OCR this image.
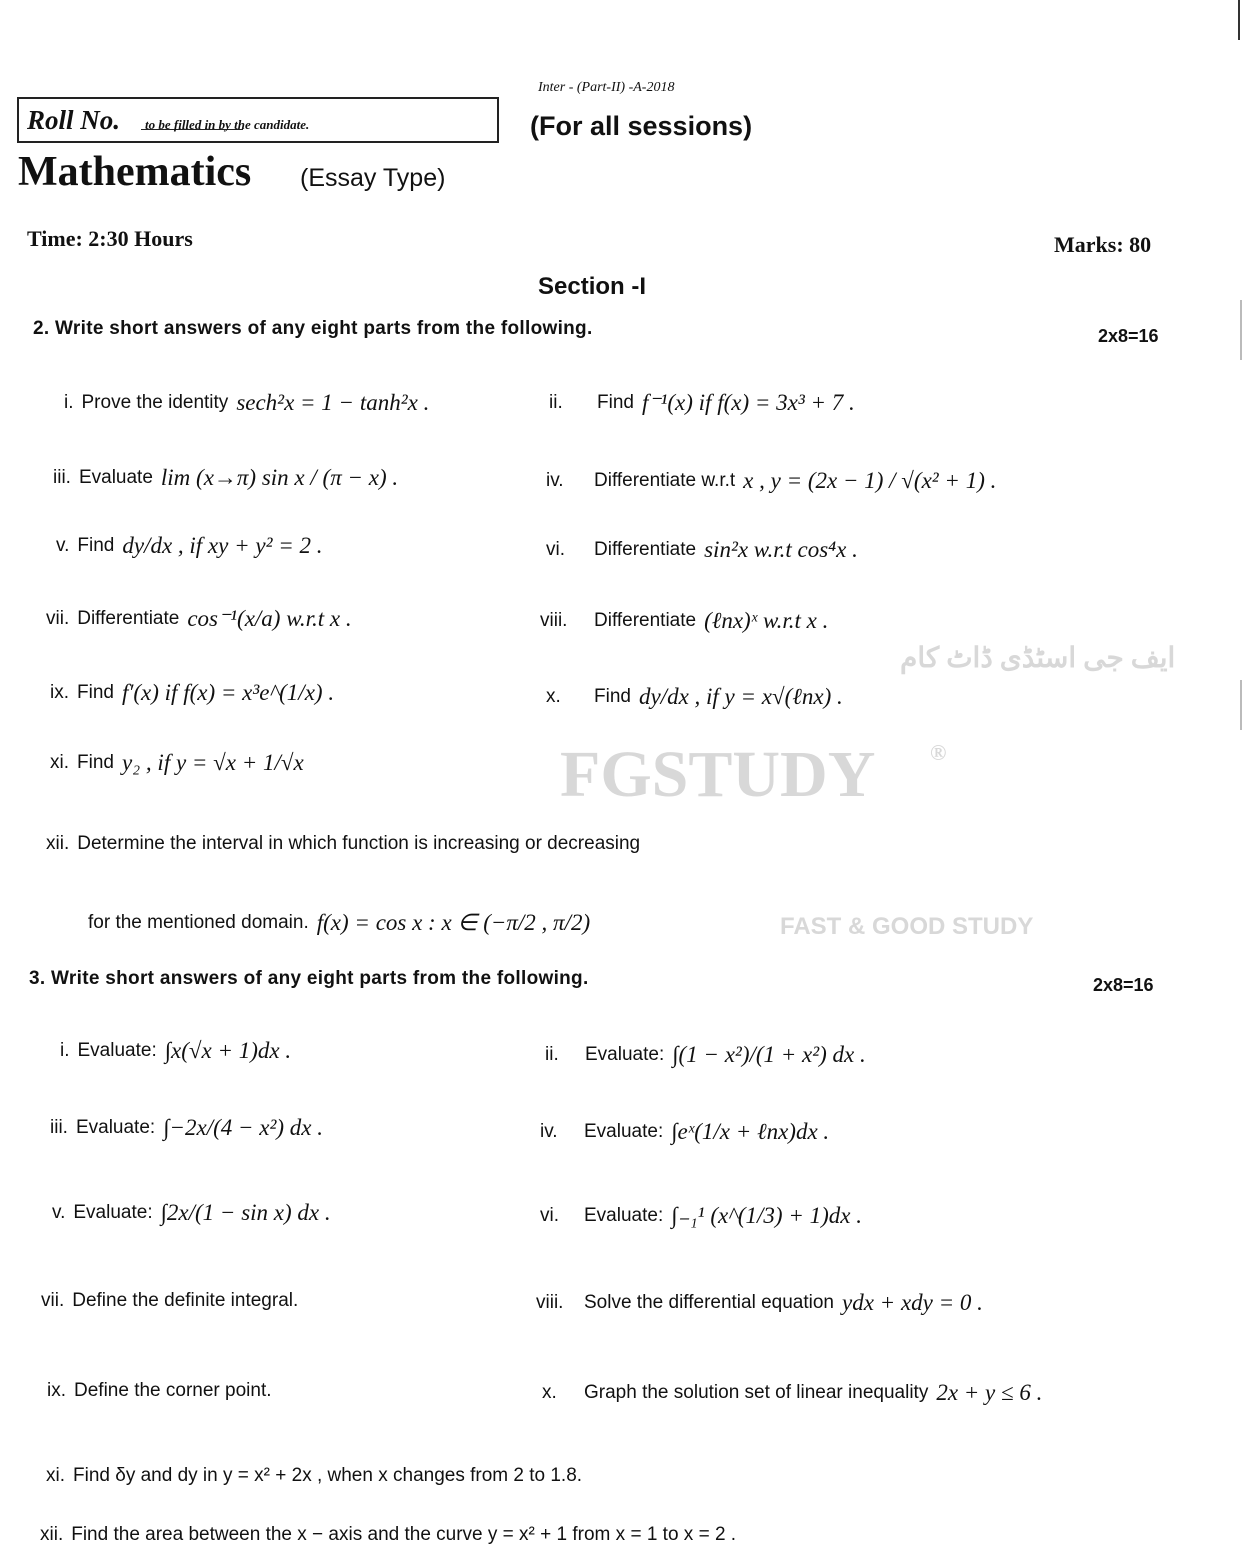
FGSTUDY ®
FAST & GOOD STUDY
ایف جی اسٹڈی ڈاٹ کام
Inter - (Part-II) -A-2018
Roll No. to be filled in by the candidate.	(For all sessions)
Mathematics (Essay Type)
Time: 2:30 Hours	Marks: 80
Section -I
2. Write short answers of any eight parts from the following.	2x8=16
i. Prove the identity sech²x = 1 − tanh²x .	ii.	Find f⁻¹(x) if f(x) = 3x³ + 7 .
iii. Evaluate lim (x→π) sin x / (π − x) .	iv.	Differentiate w.r.t x , y = (2x − 1) / √(x² + 1) .
v. Find dy/dx , if xy + y² = 2 .	vi.	Differentiate sin²x w.r.t cos⁴x .
vii. Differentiate cos⁻¹(x/a) w.r.t x .	viii.	Differentiate (ℓnx)ˣ w.r.t x .
ix. Find f′(x) if f(x) = x³e^(1/x) .	x.	Find dy/dx , if y = x√(ℓnx) .
xi. Find y₂ , if y = √x + 1/√x
xii. Determine the interval in which function is increasing or decreasing
for the mentioned domain. f(x) = cos x : x ∈ (−π/2 , π/2)
3. Write short answers of any eight parts from the following.	2x8=16
i. Evaluate: ∫x(√x + 1)dx .	ii.	Evaluate: ∫(1 − x²)/(1 + x²) dx .
iii. Evaluate: ∫−2x/(4 − x²) dx .	iv.	Evaluate: ∫eˣ(1/x + ℓnx)dx .
v. Evaluate: ∫2x/(1 − sin x) dx .	vi.	Evaluate: ∫₋₁¹ (x^(1/3) + 1)dx .
vii. Define the definite integral.	viii.	Solve the differential equation ydx + xdy = 0 .
ix. Define the corner point.	x.	Graph the solution set of linear inequality 2x + y ≤ 6 .
xi. Find δy and dy in y = x² + 2x , when x changes from 2 to 1.8.
xii. Find the area between the x − axis and the curve y = x² + 1 from x = 1 to x = 2 .
